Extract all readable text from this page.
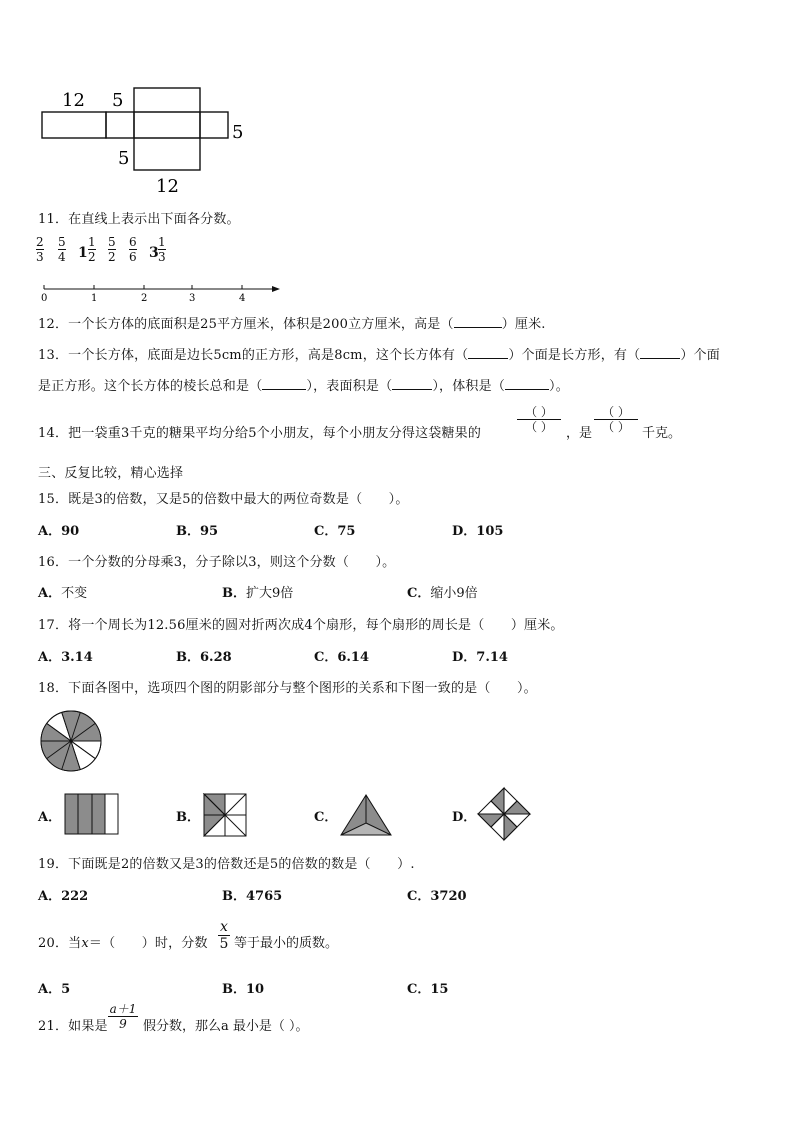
12 5
5
5
12
11．在直线上表示出下面各分数。
2
3
5
4 1
1
2
5
2
6
6 3
1
3
0	1	2	3	4
12．一个长方体的底面积是25平方厘米，体积是200立方厘米，高是（	）厘米.
13．一个长方体，底面是边长5cm的正方形，高是8cm，这个长方体有（	）个面是长方形，有（	）个面
是正方形。这个长方体的棱长总和是（	），表面积是（	），体积是（	）。
14．把一袋重3千克的糖果平均分给5个小朋友，每个小朋友分得这袋糖果的
（ ）
（ ）	，是
（ ）
（ ） 千克。
三、反复比较，精心选择
15．既是3的倍数，又是5的倍数中最大的两位奇数是（　　）。
A．90	B．95	C．75	D．105
16．一个分数的分母乘3，分子除以3，则这个分数（　　）。
A．不变	B．扩大9倍	C．缩小9倍
17．将一个周长为12.56厘米的圆对折两次成4个扇形，每个扇形的周长是（　　）厘米。
A．3.14	B．6.28	C．6.14	D．7.14
18．下面各图中，选项四个图的阴影部分与整个图形的关系和下图一致的是（　　）。
A．	B．	C．	D．
19．下面既是2的倍数又是3的倍数还是5的倍数的数是（　　）.
A．222	B．4765	C．3720
20．当x＝（　　）时，分数
x
5 等于最小的质数。
A．5	B．10	C．15
21．如果是
a＋1
9	假分数，那么a 最小是（ ）。
